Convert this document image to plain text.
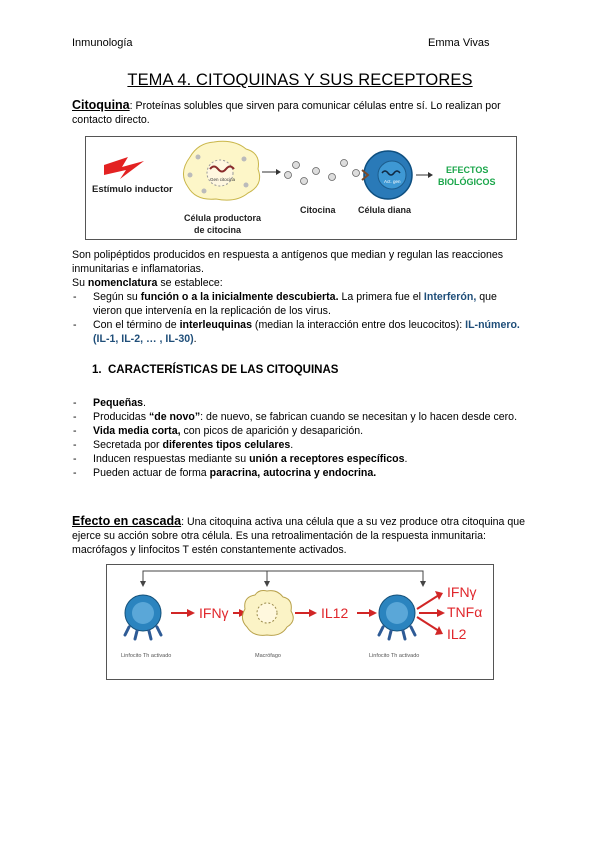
Inmunología	Emma Vivas
TEMA 4. CITOQUINAS Y SUS RECEPTORES
Citoquina: Proteínas solubles que sirven para comunicar células entre sí. Lo realizan por contacto directo.
Estímulo inductor
Gen citocina
Célula productora
de citocina
Citocina
Act. gen
Célula diana
EFECTOS
BIOLÓGICOS
Son polipéptidos producidos en respuesta a antígenos que median y regulan las reacciones inmunitarias e inflamatorias.
Su nomenclatura se establece:
- Según su función o a la inicialmente descubierta. La primera fue el Interferón, que vieron que intervenía en la replicación de los virus.
- Con el término de interleuquinas (median la interacción entre dos leucocitos): IL-número. (IL-1, IL-2, … , IL-30).
1. CARACTERÍSTICAS DE LAS CITOQUINAS
- Pequeñas.
- Producidas “de novo”: de nuevo, se fabrican cuando se necesitan y lo hacen desde cero.
- Vida media corta, con picos de aparición y desaparición.
- Secretada por diferentes tipos celulares.
- Inducen respuestas mediante su unión a receptores específicos.
- Pueden actuar de forma paracrina, autocrina y endocrina.
Efecto en cascada: Una citoquina activa una célula que a su vez produce otra citoquina que ejerce su acción sobre otra célula. Es una retroalimentación de la respuesta inmunitaria: macrófagos y linfocitos T estén constantemente activados.
Linfocito Th activado
IFNγ
Macrófago
IL12
Linfocito Th activado
IFNγ
TNFα
IL2
